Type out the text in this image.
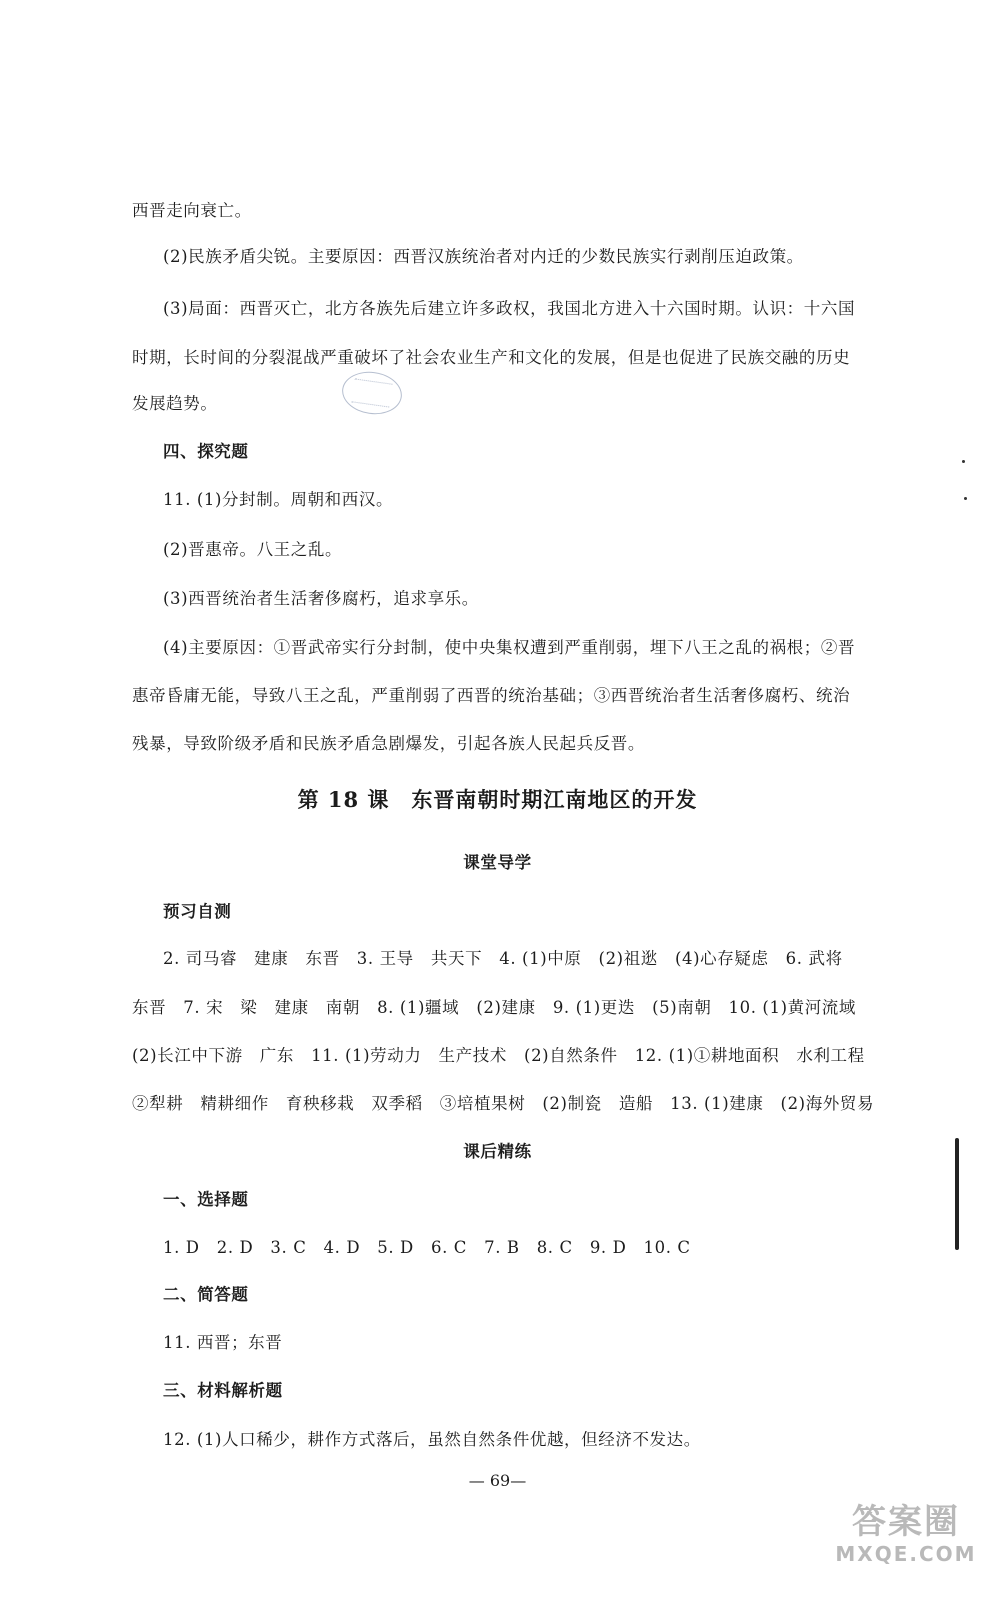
西晋走向衰亡。
(2)民族矛盾尖锐。主要原因：西晋汉族统治者对内迁的少数民族实行剥削压迫政策。
(3)局面：西晋灭亡，北方各族先后建立许多政权，我国北方进入十六国时期。认识：十六国
时期，长时间的分裂混战严重破坏了社会农业生产和文化的发展，但是也促进了民族交融的历史
发展趋势。
四、探究题
11. (1)分封制。周朝和西汉。
(2)晋惠帝。八王之乱。
(3)西晋统治者生活奢侈腐朽，追求享乐。
(4)主要原因：①晋武帝实行分封制，使中央集权遭到严重削弱，埋下八王之乱的祸根；②晋
惠帝昏庸无能，导致八王之乱，严重削弱了西晋的统治基础；③西晋统治者生活奢侈腐朽、统治
残暴，导致阶级矛盾和民族矛盾急剧爆发，引起各族人民起兵反晋。
第 18 课　东晋南朝时期江南地区的开发
课堂导学
预习自测
2. 司马睿　建康　东晋　3. 王导　共天下　4. (1)中原　(2)祖逖　(4)心存疑虑　6. 武将
东晋　7. 宋　梁　建康　南朝　8. (1)疆域　(2)建康　9. (1)更迭　(5)南朝　10. (1)黄河流域
(2)长江中下游　广东　11. (1)劳动力　生产技术　(2)自然条件　12. (1)①耕地面积　水利工程
②犁耕　精耕细作　育秧移栽　双季稻　③培植果树　(2)制瓷　造船　13. (1)建康　(2)海外贸易
课后精练
一、选择题
1. D　2. D　3. C　4. D　5. D　6. C　7. B　8. C　9. D　10. C
二、简答题
11. 西晋；东晋
三、材料解析题
12. (1)人口稀少，耕作方式落后，虽然自然条件优越，但经济不发达。
— 69—
答案圈
MXQE.COM
